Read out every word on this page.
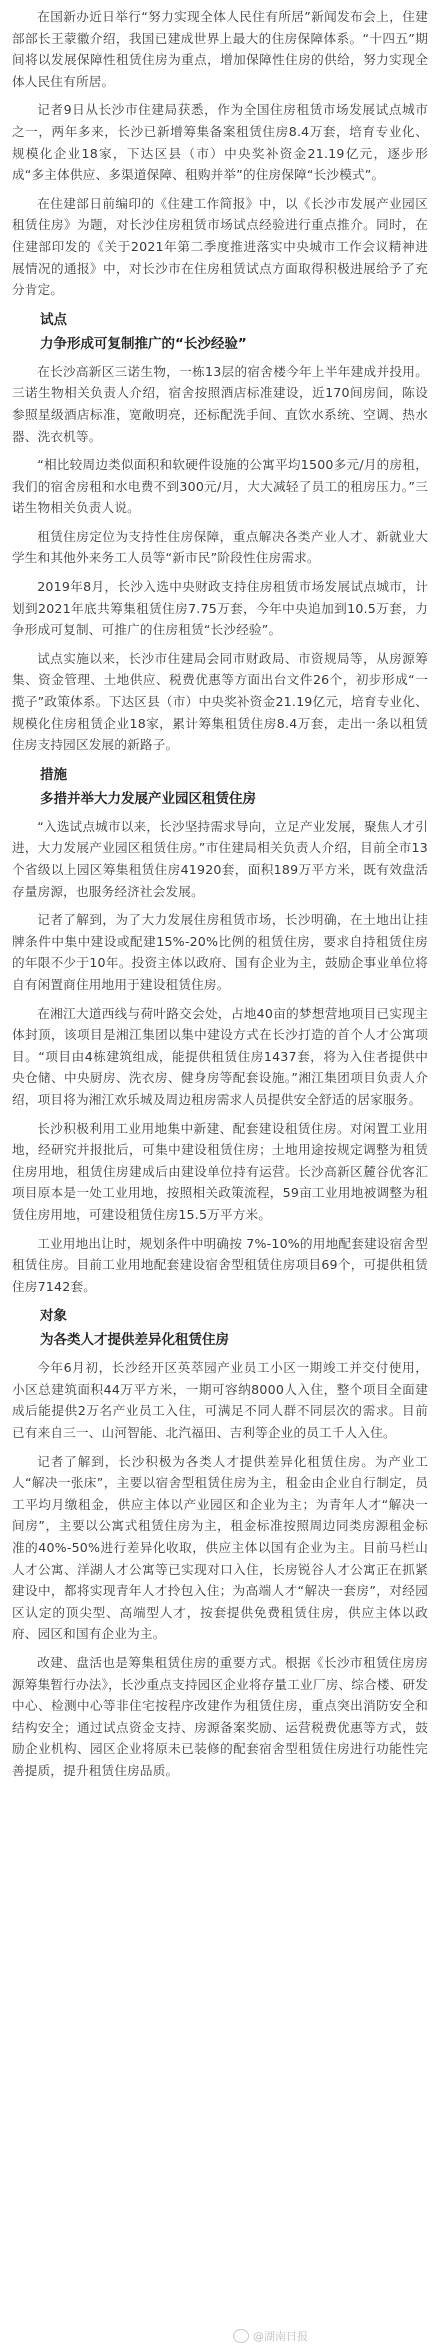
在国新办近日举行“努力实现全体人民住有所居”新闻发布会上，住建部部长王蒙徽介绍，我国已建成世界上最大的住房保障体系。“十四五”期间将以发展保障性租赁住房为重点，增加保障性住房的供给，努力实现全体人民住有所居。

记者9日从长沙市住建局获悉，作为全国住房租赁市场发展试点城市之一，两年多来，长沙已新增筹集备案租赁住房8.4万套，培育专业化、规模化企业18家，下达区县（市）中央奖补资金21.19亿元，逐步形成“多主体供应、多渠道保障、租购并举”的住房保障“长沙模式”。

在住建部日前编印的《住建工作简报》中，以《长沙市发展产业园区租赁住房》为题，对长沙住房租赁市场试点经验进行重点推介。同时，在住建部印发的《关于2021年第二季度推进落实中央城市工作会议精神进展情况的通报》中，对长沙市在住房租赁试点方面取得积极进展给予了充分肯定。

试点
力争形成可复制推广的“长沙经验”

在长沙高新区三诺生物，一栋13层的宿舍楼今年上半年建成并投用。三诺生物相关负责人介绍，宿舍按照酒店标准建设，近170间房间，陈设参照星级酒店标准，宽敞明亮，还标配洗手间、直饮水系统、空调、热水器、洗衣机等。

“相比较周边类似面积和软硬件设施的公寓平均1500多元/月的房租，我们的宿舍房租和水电费不到300元/月，大大减轻了员工的租房压力。”三诺生物相关负责人说。

租赁住房定位为支持性住房保障，重点解决各类产业人才、新就业大学生和其他外来务工人员等“新市民”阶段性住房需求。

2019年8月，长沙入选中央财政支持住房租赁市场发展试点城市，计划到2021年底共筹集租赁住房7.75万套，今年中央追加到10.5万套，力争形成可复制、可推广的住房租赁“长沙经验”。

试点实施以来，长沙市住建局会同市财政局、市资规局等，从房源筹集、资金管理、土地供应、税费优惠等方面出台文件26个，初步形成“一揽子”政策体系。下达区县（市）中央奖补资金21.19亿元，培育专业化、规模化住房租赁企业18家，累计筹集租赁住房8.4万套，走出一条以租赁住房支持园区发展的新路子。

措施
多措并举大力发展产业园区租赁住房

“入选试点城市以来，长沙坚持需求导向，立足产业发展，聚焦人才引进，大力发展产业园区租赁住房。”市住建局相关负责人介绍，目前全市13个省级以上园区筹集租赁住房41920套，面积189万平方米，既有效盘活存量房源，也服务经济社会发展。

记者了解到，为了大力发展住房租赁市场，长沙明确，在土地出让挂牌条件中集中建设或配建15%-20%比例的租赁住房，要求自持租赁住房的年限不少于10年。投资主体以政府、国有企业为主，鼓励企事业单位将自有闲置商住用地用于建设租赁住房。

在湘江大道西线与荷叶路交会处，占地40亩的梦想营地项目已实现主体封顶，该项目是湘江集团以集中建设方式在长沙打造的首个人才公寓项目。“项目由4栋建筑组成，能提供租赁住房1437套，将为入住者提供中央仓储、中央厨房、洗衣房、健身房等配套设施。”湘江集团项目负责人介绍，项目将为湘江欢乐城及周边租房需求人员提供安全舒适的居家服务。

长沙积极利用工业用地集中新建、配套建设租赁住房。对闲置工业用地，经研究并报批后，可集中建设租赁住房；土地用途按规定调整为租赁住房用地，租赁住房建成后由建设单位持有运营。长沙高新区麓谷优客汇项目原本是一处工业用地，按照相关政策流程，59亩工业用地被调整为租赁住房用地，可建设租赁住房15.5万平方米。

工业用地出让时，规划条件中明确按 7%-10%的用地配套建设宿舍型租赁住房。目前工业用地配套建设宿舍型租赁住房项目69个，可提供租赁住房7142套。

对象
为各类人才提供差异化租赁住房

今年6月初，长沙经开区英萃园产业员工小区一期竣工并交付使用，小区总建筑面积44万平方米，一期可容纳8000人入住，整个项目全面建成后能提供2万名产业员工入住，可满足不同人群不同层次的需求。目前已有来自三一、山河智能、北汽福田、吉利等企业的员工千人入住。

记者了解到，长沙积极为各类人才提供差异化租赁住房。为产业工人“解决一张床”，主要以宿舍型租赁住房为主，租金由企业自行制定，员工平均月缴租金，供应主体以产业园区和企业为主；为青年人才“解决一间房”，主要以公寓式租赁住房为主，租金标准按照周边同类房源租金标准的40%-50%进行差异化收取，供应主体以国有企业为主。目前马栏山人才公寓、洋湖人才公寓等已实现对口入住，长房锐谷人才公寓正在抓紧建设中，都将实现青年人才拎包入住；为高端人才“解决一套房”，对经园区认定的顶尖型、高端型人才，按套提供免费租赁住房，供应主体以政府、园区和国有企业为主。

改建、盘活也是筹集租赁住房的重要方式。根据《长沙市租赁住房房源筹集暂行办法》，长沙重点支持园区企业将存量工业厂房、综合楼、研发中心、检测中心等非住宅按程序改建作为租赁住房，重点突出消防安全和结构安全；通过试点资金支持、房源备案奖励、运营税费优惠等方式，鼓励企业机构、园区企业将原未已装修的配套宿舍型租赁住房进行功能性完善提质，提升租赁住房品质。

@湖南日报
